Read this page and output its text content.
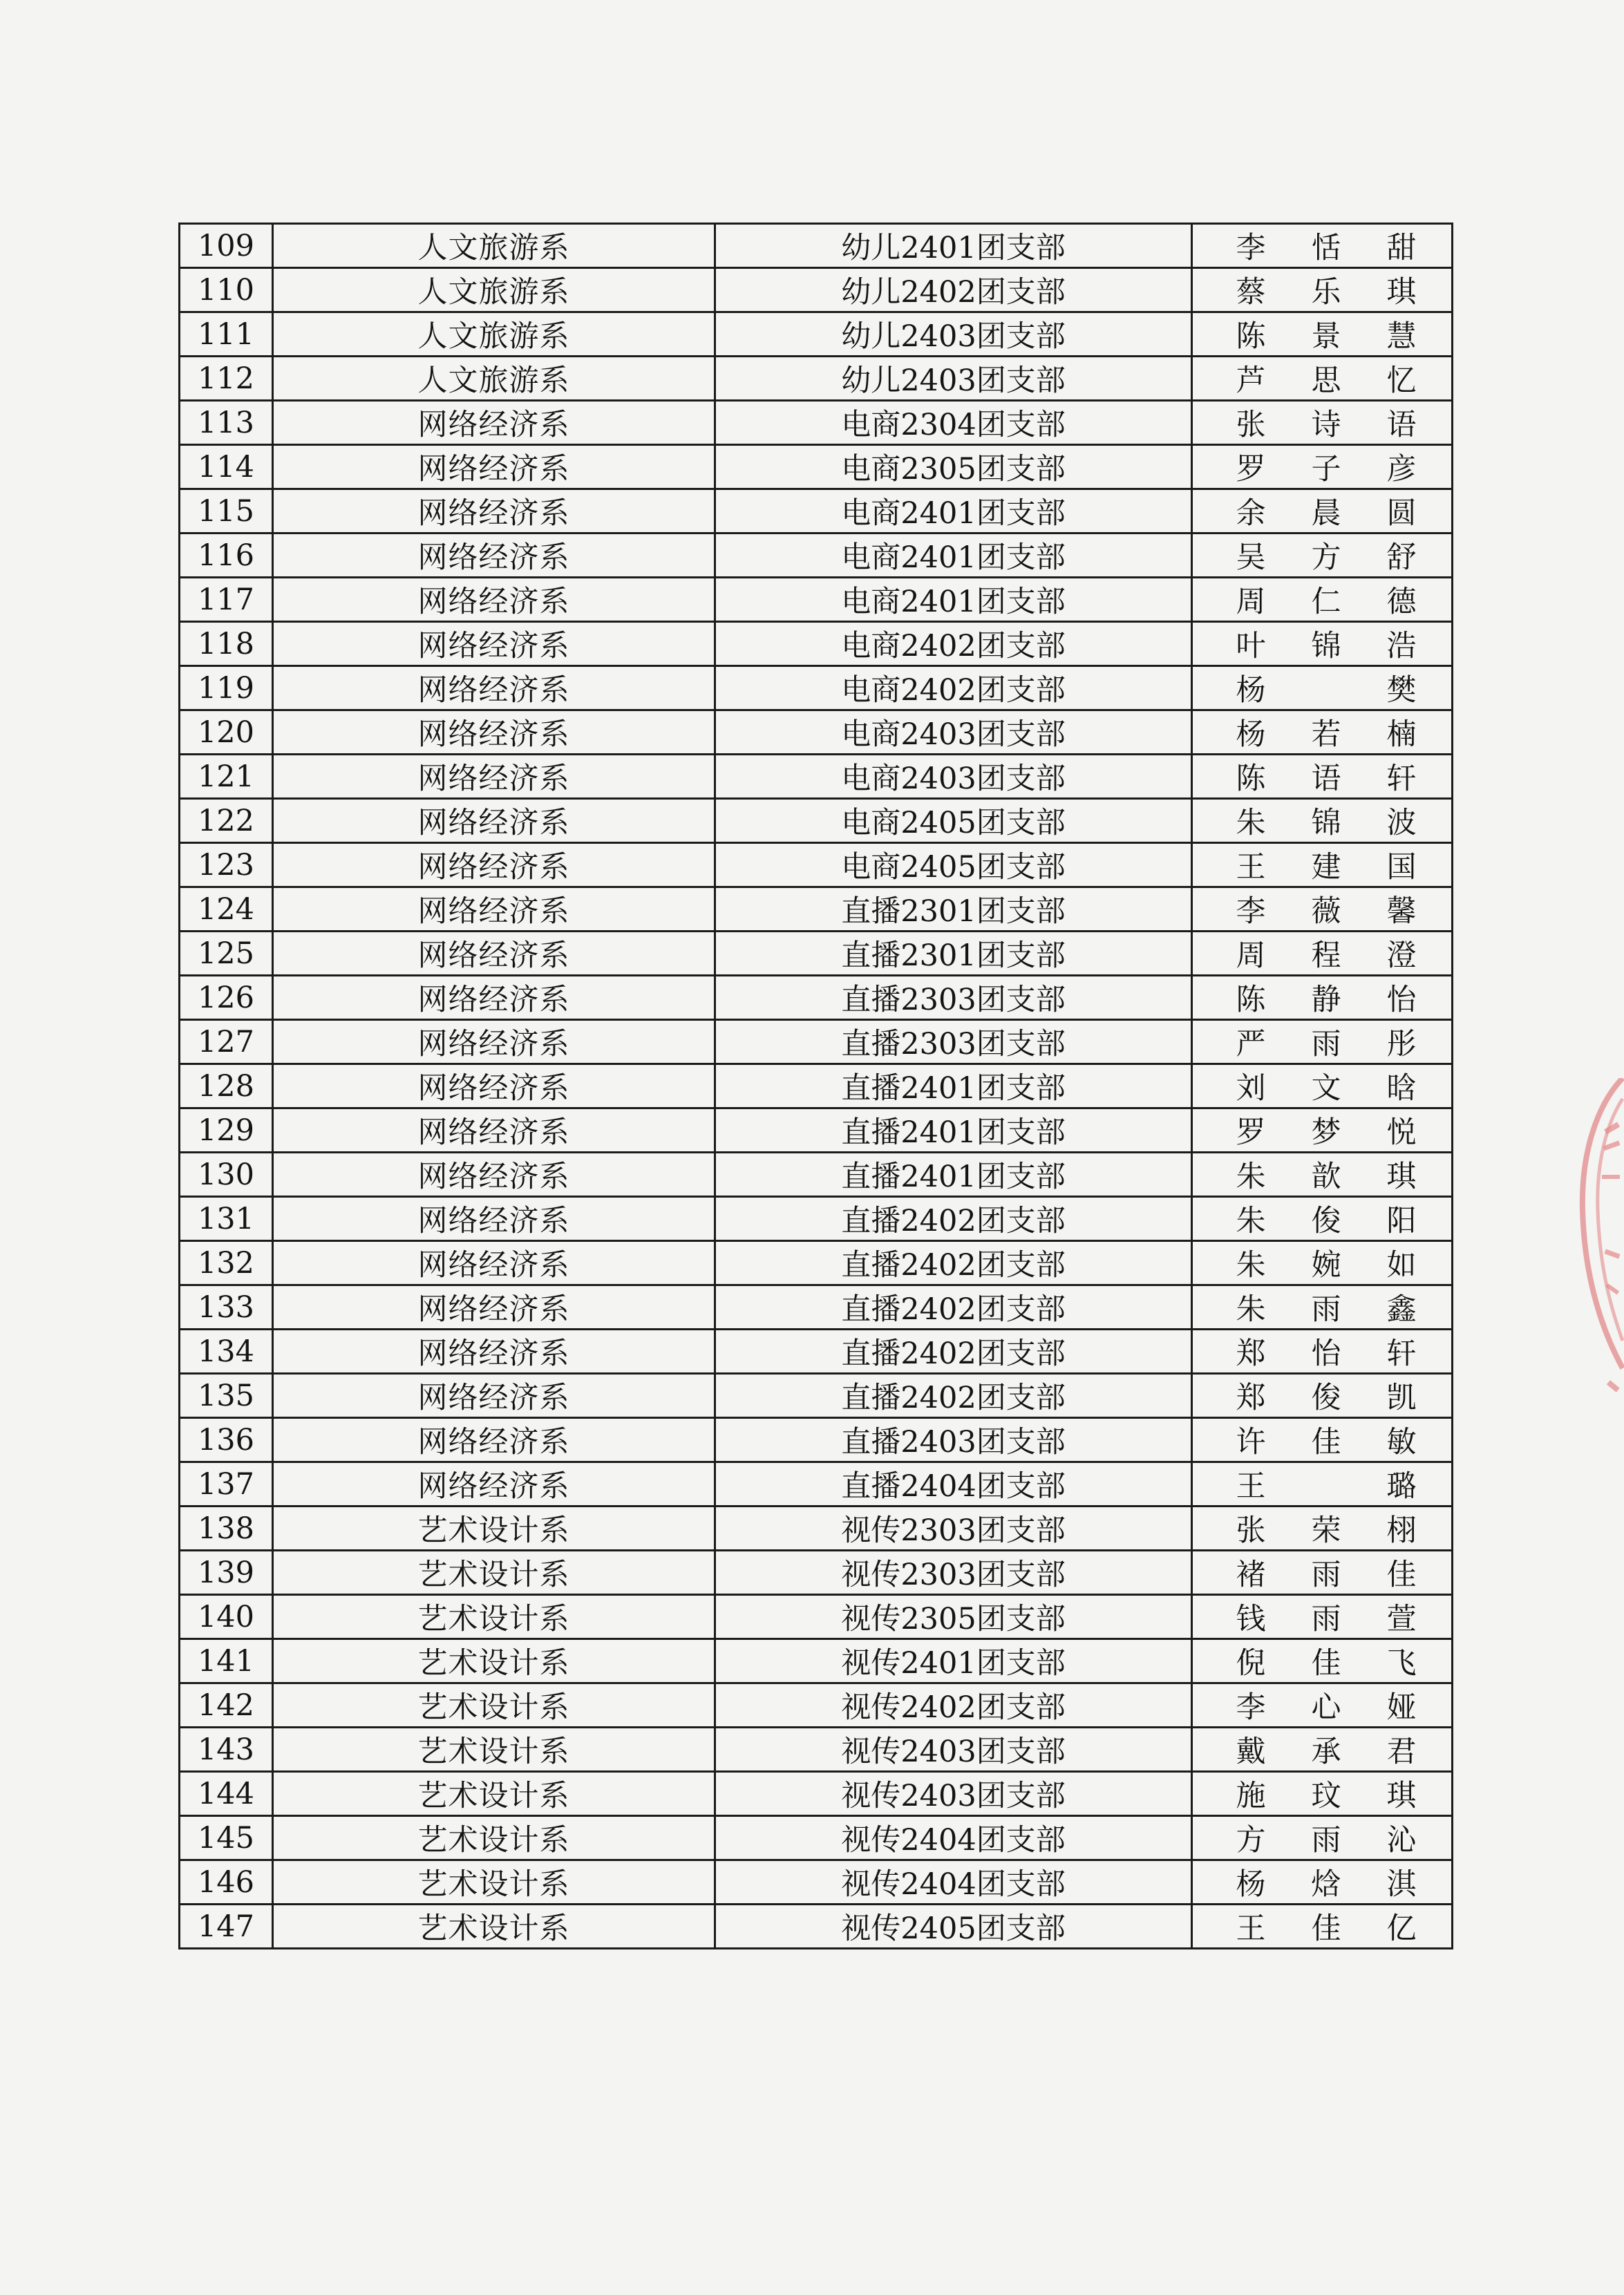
109	人文旅游系	幼儿2401团支部	李 恬 甜

110	人文旅游系	幼儿2402团支部	蔡 乐 琪

111	人文旅游系	幼儿2403团支部	陈 景 慧

112	人文旅游系	幼儿2403团支部	芦 思 忆

113	网络经济系	电商2304团支部	张 诗 语

114	网络经济系	电商2305团支部	罗 子 彦

115	网络经济系	电商2401团支部	余 晨 圆

116	网络经济系	电商2401团支部	吴 方 舒

117	网络经济系	电商2401团支部	周 仁 德

118	网络经济系	电商2402团支部	叶 锦 浩

119	网络经济系	电商2402团支部	杨 樊

120	网络经济系	电商2403团支部	杨 若 楠

121	网络经济系	电商2403团支部	陈 语 轩

122	网络经济系	电商2405团支部	朱 锦 波

123	网络经济系	电商2405团支部	王 建 国

124	网络经济系	直播2301团支部	李 薇 馨

125	网络经济系	直播2301团支部	周 程 澄

126	网络经济系	直播2303团支部	陈 静 怡

127	网络经济系	直播2303团支部	严 雨 彤

128	网络经济系	直播2401团支部	刘 文 晗

129	网络经济系	直播2401团支部	罗 梦 悦

130	网络经济系	直播2401团支部	朱 歆 琪

131	网络经济系	直播2402团支部	朱 俊 阳

132	网络经济系	直播2402团支部	朱 婉 如

133	网络经济系	直播2402团支部	朱 雨 鑫

134	网络经济系	直播2402团支部	郑 怡 轩

135	网络经济系	直播2402团支部	郑 俊 凯

136	网络经济系	直播2403团支部	许 佳 敏

137	网络经济系	直播2404团支部	王 璐

138	艺术设计系	视传2303团支部	张 荣 栩

139	艺术设计系	视传2303团支部	褚 雨 佳

140	艺术设计系	视传2305团支部	钱 雨 萱

141	艺术设计系	视传2401团支部	倪 佳 飞

142	艺术设计系	视传2402团支部	李 心 娅

143	艺术设计系	视传2403团支部	戴 承 君

144	艺术设计系	视传2403团支部	施 玟 琪

145	艺术设计系	视传2404团支部	方 雨 沁

146	艺术设计系	视传2404团支部	杨 焓 淇

147	艺术设计系	视传2405团支部	王 佳 亿
